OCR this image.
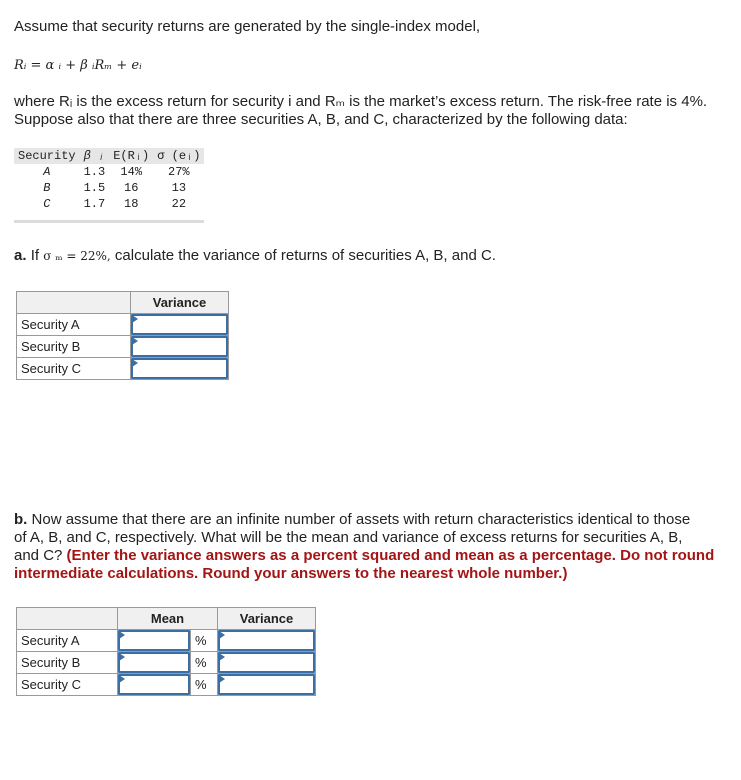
Assume that security returns are generated by the single-index model,
Rᵢ = α ᵢ + β ᵢRₘ + eᵢ
where Rᵢ is the excess return for security i and Rₘ is the market’s excess return. The risk-free rate is 4%.
Suppose also that there are three securities A, B, and C, characterized by the following data:
Security	β ᵢ	E(Rᵢ)	σ (eᵢ)
A	1.3	14%	27%
B	1.5	16	13
C	1.7	18	22

a. If σ ₘ = 22%, calculate the variance of returns of securities A, B, and C.
	Variance
Security A	

Security B	

Security C	
b. Now assume that there are an infinite number of assets with return characteristics identical to those
of A, B, and C, respectively. What will be the mean and variance of excess returns for securities A, B,
and C? (Enter the variance answers as a percent squared and mean as a percentage. Do not round
intermediate calculations. Round your answers to the nearest whole number.)
	Mean		Variance
Security A		%	

Security B		%	

Security C		%	
